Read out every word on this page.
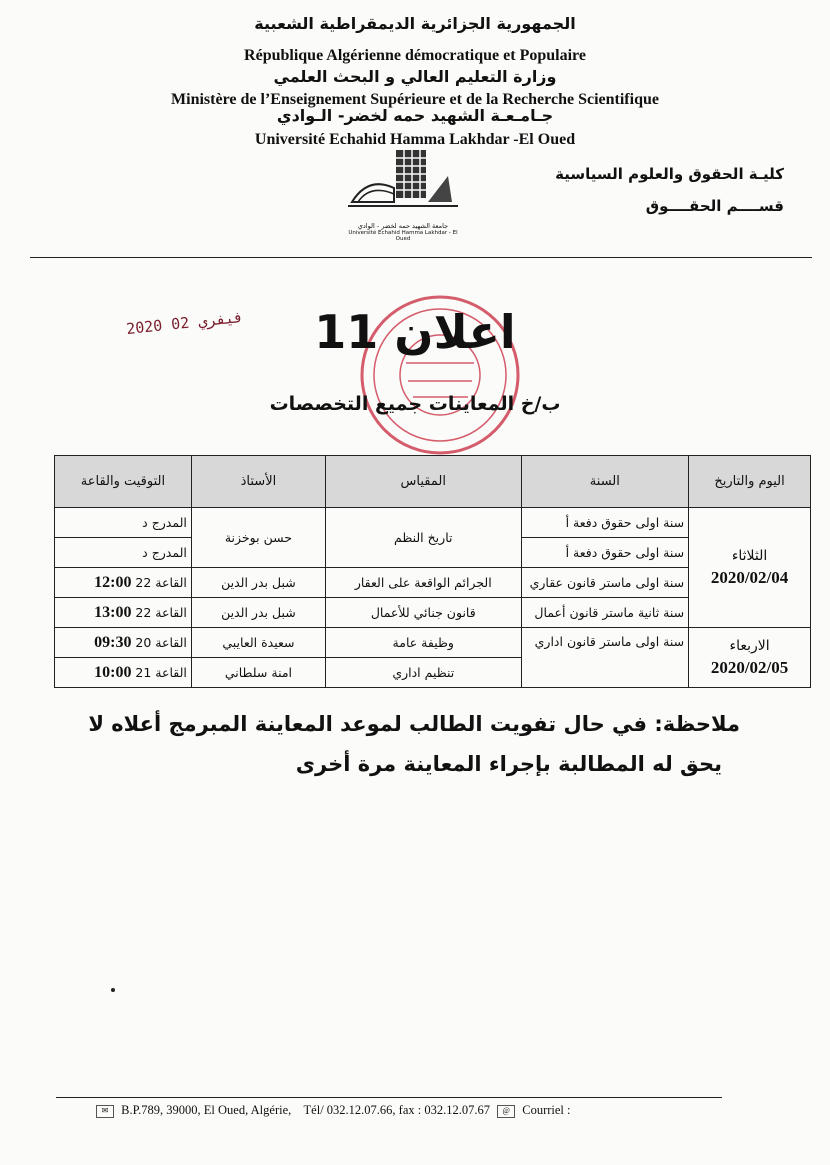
الجمهورية الجزائرية الديمقراطية الشعبية
République Algérienne démocratique et Populaire
وزارة التعليم العالي و البحث العلمي
Ministère de l’Enseignement Supérieure et de la Recherche Scientifique
جـامـعـة الشهيد حمه لخضر- الـوادي
Université Echahid Hamma Lakhdar -El Oued
كليـة الحقوق والعلوم السياسية
قســــم الحقــــوق
جامعة الشهيد حمه لخضر - الوادي
Université Echahid Hamma Lakhdar - El Oued
2020 فيفري 02	اعلان 11
ب/خ المعاينات جميع التخصصات
اليوم والتاريخ	السنة	المقياس	الأستاذ	التوقيت والقاعة
الثلاثاء
2020/02/04	سنة اولى حقوق دفعة أ	تاريخ النظم	حسن بوخزنة	المدرج د
	سنة اولى حقوق دفعة أ			المدرج د
	سنة اولى ماستر قانون عقاري	الجرائم الواقعة على العقار	شبل بدر الدين	القاعة 22 12:00
	سنة ثانية ماستر قانون أعمال	قانون جنائي للأعمال	شبل بدر الدين	القاعة 22 13:00
الاربعاء
2020/02/05	سنة اولى ماستر قانون اداري	وظيفة عامة	سعيدة العايبي	القاعة 20 09:30
		تنظيم اداري	امنة سلطاني	القاعة 21 10:00
ملاحظة: في حال تفويت الطالب لموعد المعاينة المبرمج أعلاه لا
يحق له المطالبة بإجراء المعاينة مرة أخرى
✉ B.P.789, 39000, El Oued, Algérie, Tél/ 032.12.07.66, fax : 032.12.07.67 @ Courriel :
